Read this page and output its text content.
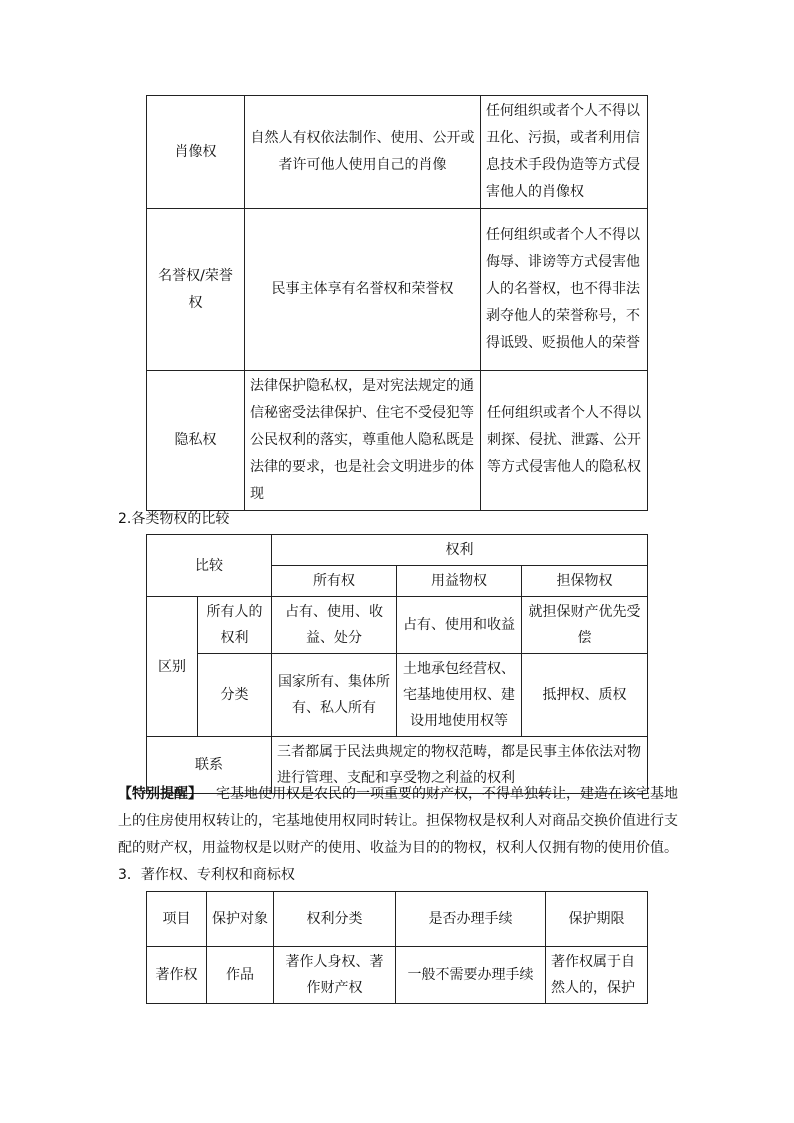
肖像权	自然人有权依法制作、使用、公开或者许可他人使用自己的肖像	任何组织或者个人不得以丑化、污损，或者利用信息技术手段伪造等方式侵害他人的肖像权
名誉权/荣誉权	民事主体享有名誉权和荣誉权	任何组织或者个人不得以侮辱、诽谤等方式侵害他人的名誉权，也不得非法剥夺他人的荣誉称号，不得诋毁、贬损他人的荣誉
隐私权	法律保护隐私权，是对宪法规定的通信秘密受法律保护、住宅不受侵犯等公民权利的落实，尊重他人隐私既是法律的要求，也是社会文明进步的体现	任何组织或者个人不得以刺探、侵扰、泄露、公开等方式侵害他人的隐私权
2.各类物权的比较
比较		权利		
		所有权	用益物权	担保物权
区别	所有人的权利	占有、使用、收益、处分	占有、使用和收益	就担保财产优先受偿
	分类	国家所有、集体所有、私人所有	土地承包经营权、宅基地使用权、建设用地使用权等	抵押权、质权
联系		三者都属于民法典规定的物权范畴，都是民事主体依法对物进行管理、支配和享受物之利益的权利		
【特别提醒】 宅基地使用权是农民的一项重要的财产权，不得单独转让，建造在该宅基地
上的住房使用权转让的，宅基地使用权同时转让。担保物权是权利人对商品交换价值进行支
配的财产权，用益物权是以财产的使用、收益为目的的物权，权利人仅拥有物的使用价值。
3．著作权、专利权和商标权
项目	保护对象	权利分类	是否办理手续	保护期限
著作权	作品	著作人身权、著作财产权	一般不需要办理手续	著作权属于自然人的，保护
